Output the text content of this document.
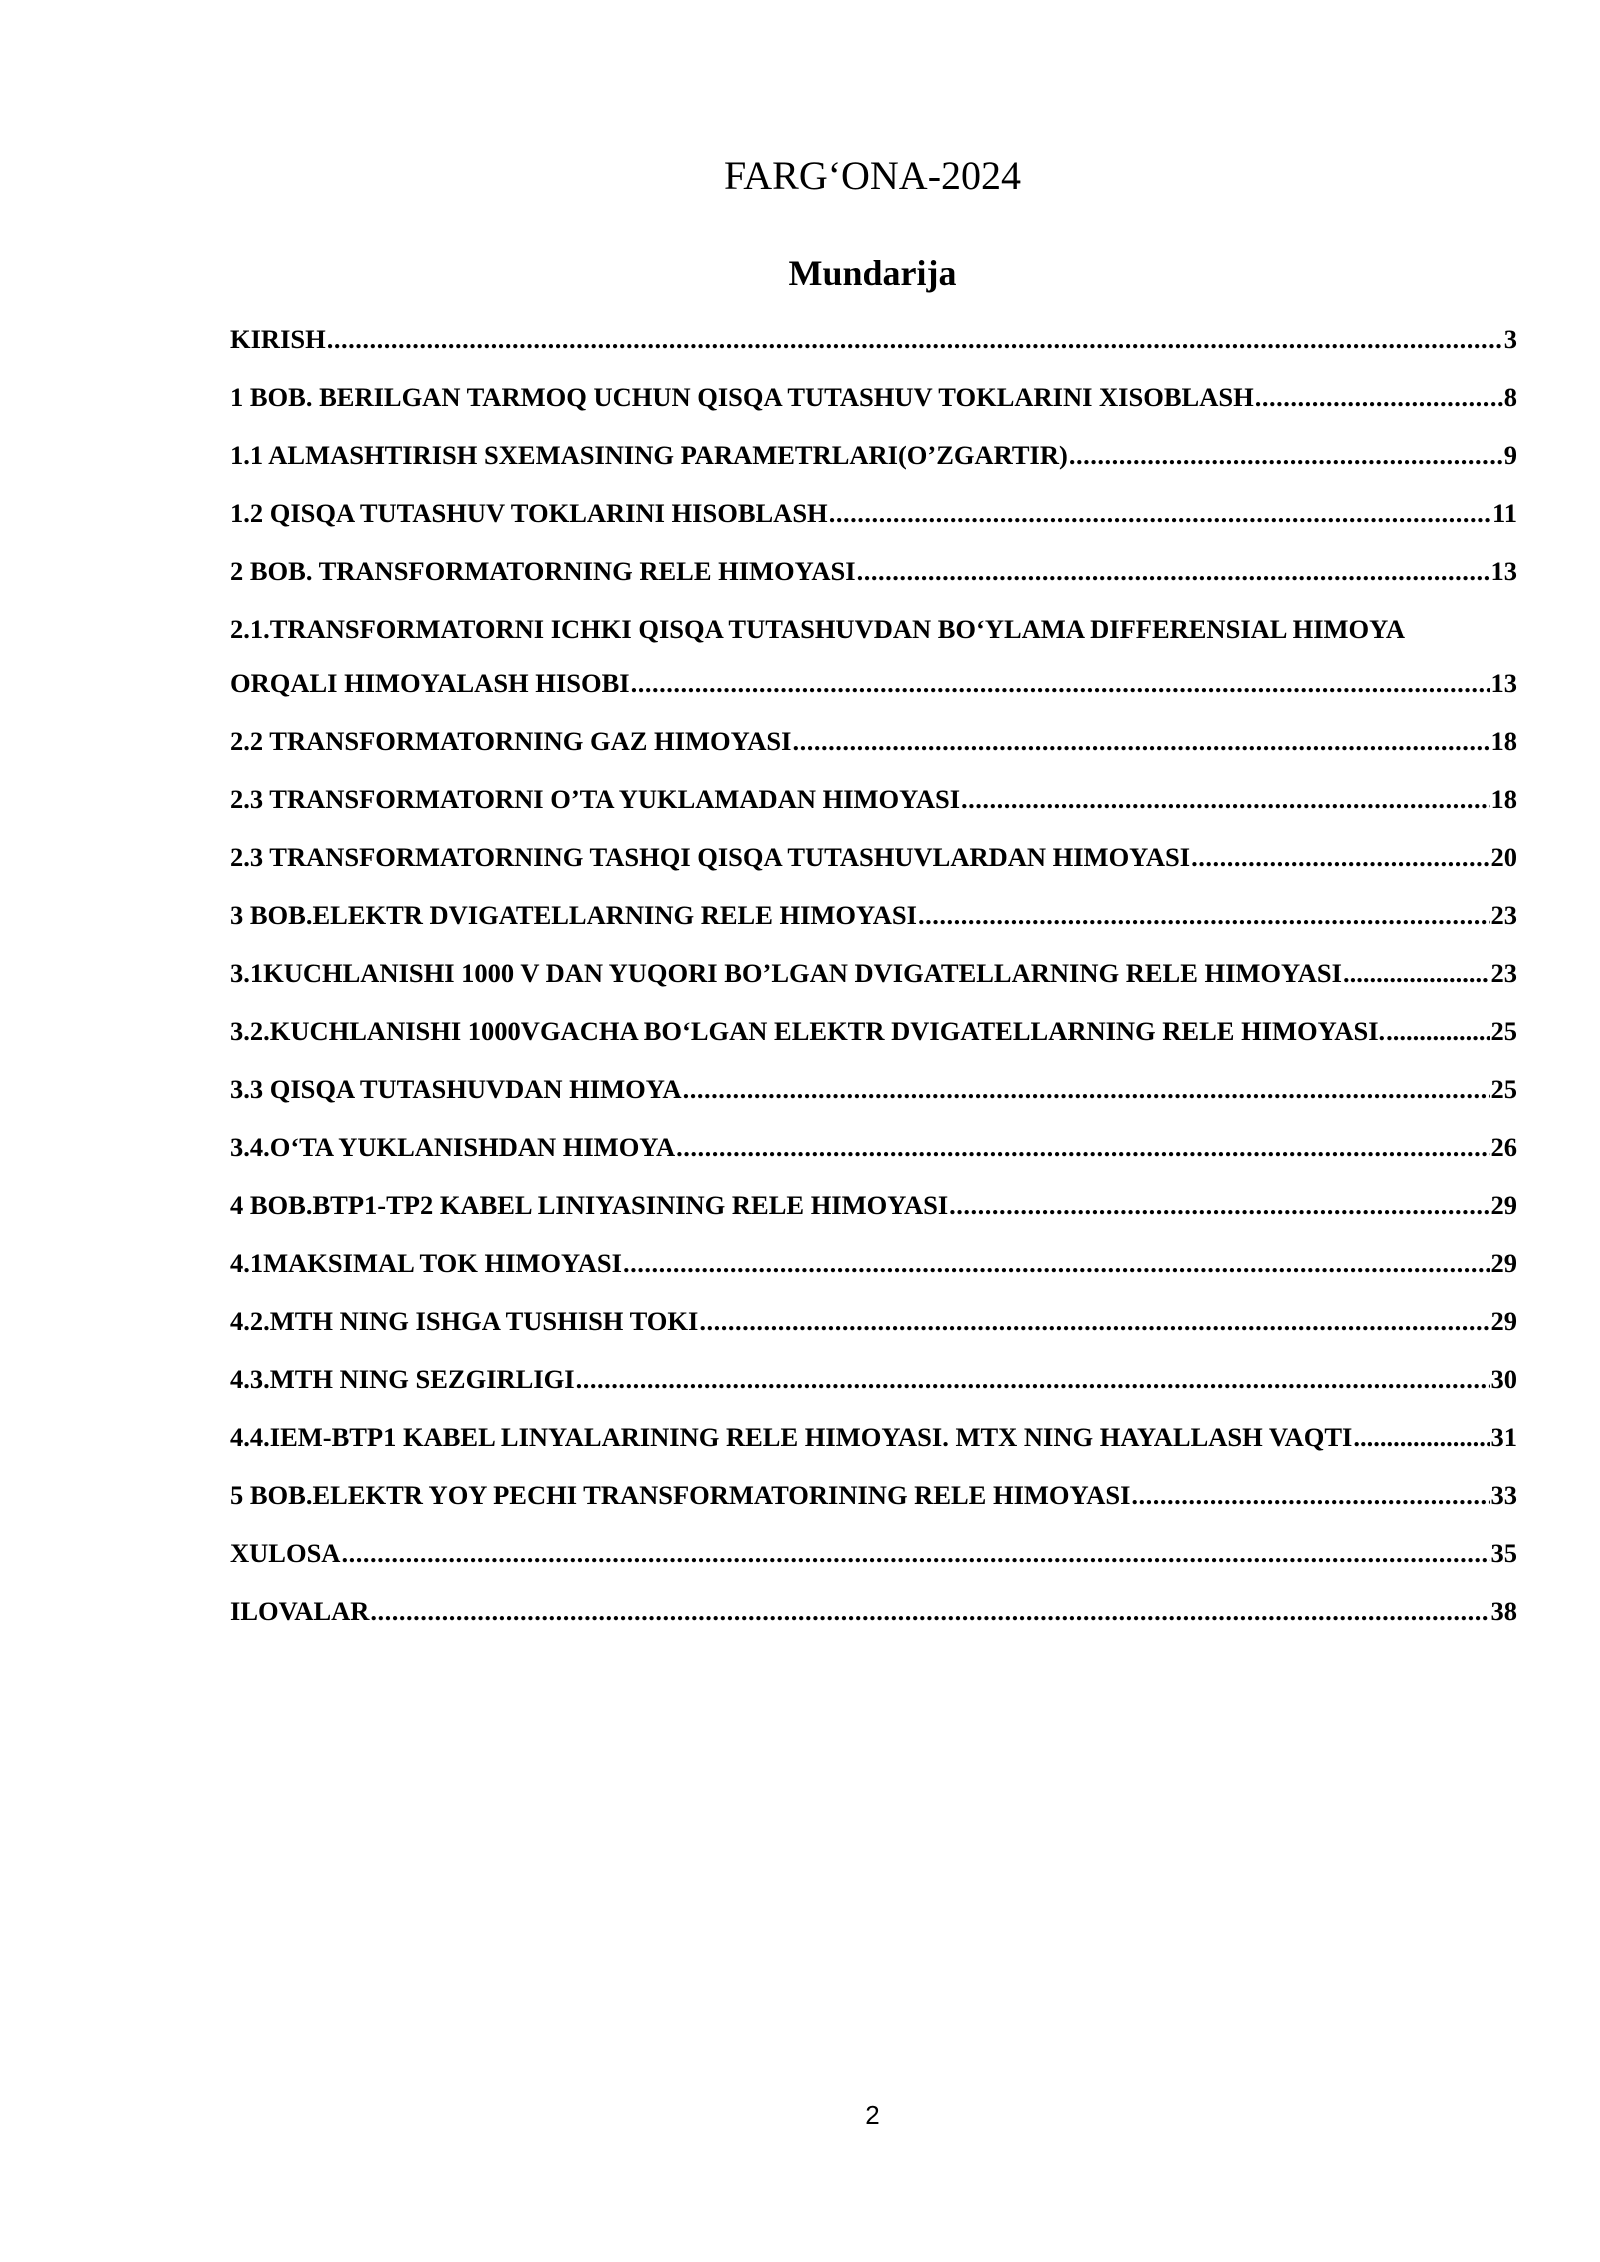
FARG‘ONA-2024
Mundarija
KIRISH .....	3
1 BOB. BERILGAN TARMOQ UCHUN QISQA TUTASHUV TOKLARINI XISOBLASH .....	8
1.1 ALMASHTIRISH SXEMASINING PARAMETRLARI(O’ZGARTIR) .....	9
1.2 QISQA TUTASHUV TOKLARINI HISOBLASH .....	11
2 BOB. TRANSFORMATORNING RELE HIMOYASI .....	13
2.1.TRANSFORMATORNI ICHKI QISQA TUTASHUVDAN BO‘YLAMA DIFFERENSIAL HIMOYA
ORQALI HIMOYALASH HISOBI .....	13
2.2 TRANSFORMATORNING GAZ HIMOYASI .....	18
2.3 TRANSFORMATORNI O’TA YUKLAMADAN HIMOYASI .....	18
2.3 TRANSFORMATORNING TASHQI QISQA TUTASHUVLARDAN HIMOYASI .....	20
3 BOB.ELEKTR DVIGATELLARNING RELE HIMOYASI .....	23
3.1KUCHLANISHI 1000 V DAN YUQORI BO’LGAN DVIGATELLARNING RELE HIMOYASI .....	23
3.2.KUCHLANISHI 1000VGACHA BO‘LGAN ELEKTR DVIGATELLARNING RELE HIMOYASI. .....	25
3.3 QISQA TUTASHUVDAN HIMOYA .....	25
3.4.O‘TA YUKLANISHDAN HIMOYA .....	26
4 BOB.BTP1-TP2 KABEL LINIYASINING RELE HIMOYASI .....	29
4.1MAKSIMAL TOK HIMOYASI .....	29
4.2.MTH NING ISHGA TUSHISH TOKI .....	29
4.3.MTH NING SEZGIRLIGI .....	30
4.4.IEM-BTP1 KABEL LINYALARINING RELE HIMOYASI. MTX NING HAYALLASH VAQTI .....	31
5 BOB.ELEKTR YOY PECHI TRANSFORMATORINING RELE HIMOYASI .....	33
XULOSA .....	35
ILOVALAR .....	38
2
